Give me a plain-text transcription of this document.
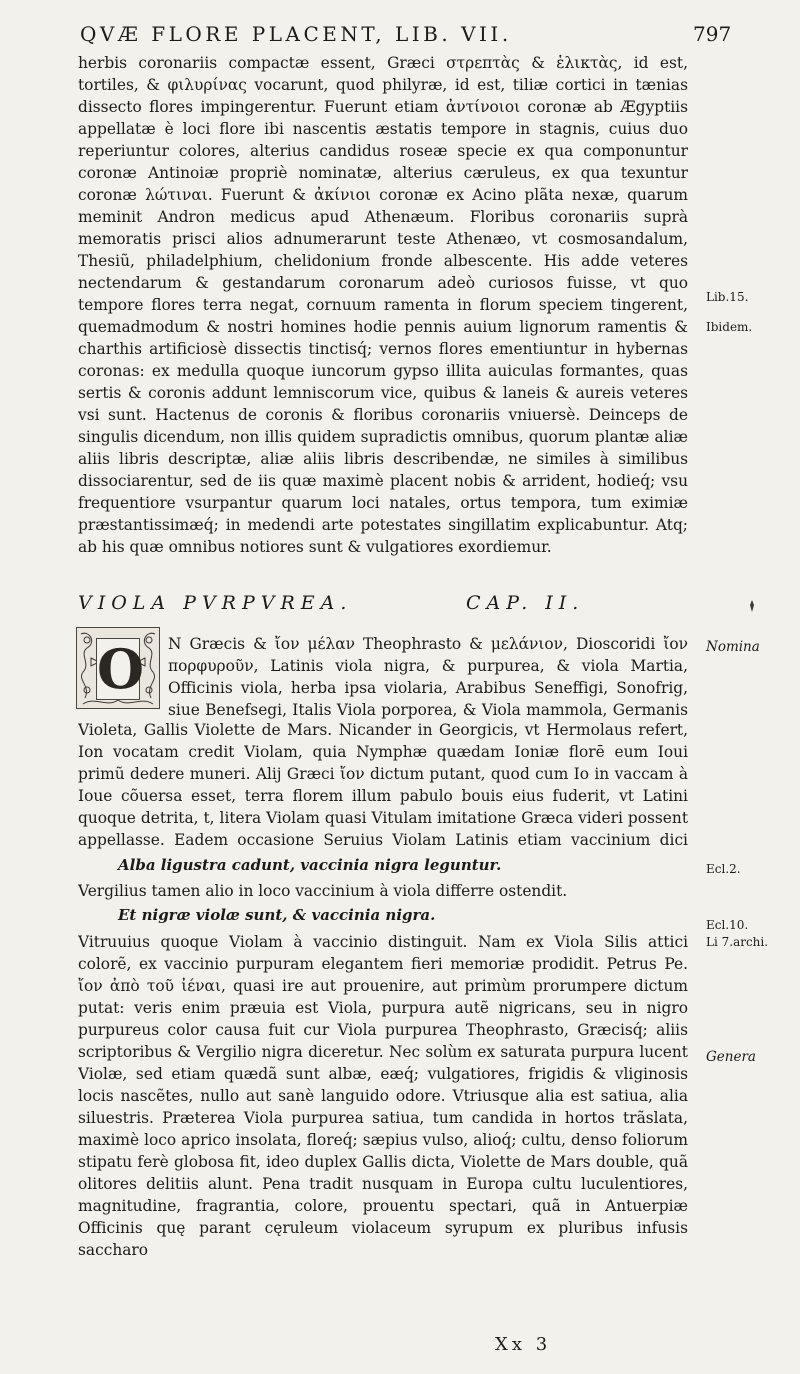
QVÆ FLORE PLACENT, LIB. VII.	797

herbis coronariis compactæ essent, Græci στρεπτὰς & ἑλικτὰς, id est, tortiles, & φιλυρίνας vocarunt, quod philyræ, id est, tiliæ cortici in tænias dissecto flores impingerentur. Fuerunt etiam ἀντίνοιοι coronæ ab Ægyptiis appellatæ è loci flore ibi nascentis æstatis tempore in stagnis, cuius duo reperiuntur colores, alterius candidus roseæ specie ex qua componuntur coronæ Antinoiæ propriè nominatæ, alterius cæruleus, ex qua texuntur coronæ λώτιναι. Fuerunt & ἀκίνιοι coronæ ex Acino plãta nexæ, quarum meminit Andron medicus apud Athenæum. Floribus coronariis suprà memoratis prisci alios adnumerarunt teste Athenæo, vt cosmosandalum, Thesiũ, philadelphium, chelidonium fronde albescente. His adde veteres nectendarum & gestandarum coronarum adeò curiosos fuisse, vt quo tempore flores terra negat, cornuum ramenta in florum speciem tingerent, quemadmodum & nostri homines hodie pennis auium lignorum ramentis & charthis artificiosè dissectis tinctisq́; vernos flores ementiuntur in hybernas coronas: ex medulla quoque iuncorum gypso illita auiculas formantes, quas sertis & coronis addunt lemniscorum vice, quibus & laneis & aureis veteres vsi sunt. Hactenus de coronis & floribus coronariis vniuersè. Deinceps de singulis dicendum, non illis quidem supradictis omnibus, quorum plantæ aliæ aliis libris descriptæ, aliæ aliis libris describendæ, ne similes à similibus dissociarentur, sed de iis quæ maximè placent nobis & arrident, hodieq́; vsu frequentiore vsurpantur quarum loci natales, ortus tempora, tum eximiæ præstantissimæq́; in medendi arte potestates singillatim explicabuntur. Atq; ab his quæ omnibus notiores sunt & vulgatiores exordiemur.

VIOLA PVRPVREA.	CAP. II.
O N Græcis & ἴον μέλαν Theophrasto & μελάνιον, Dioscoridi ἴον πορφυροῦν, Latinis viola nigra, & purpurea, & viola Martia, Officinis viola, herba ipsa violaria, Arabibus Seneffigi, Sonofrig, siue Benefsegi, Italis Viola porporea, & Viola mammola, Germanis

Violeta, Gallis Violette de Mars. Nicander in Georgicis, vt Hermolaus refert, Ion vocatam credit Violam, quia Nymphæ quædam Ioniæ florē eum Ioui primũ dedere muneri. Alij Græci ἴον dictum putant, quod cum Io in vaccam à Ioue cõuersa esset, terra florem illum pabulo bouis eius fuderit, vt Latini quoque detrita, t, litera Violam quasi Vitulam imitatione Græca videri possent appellasse. Eadem occasione Seruius Violam Latinis etiam vaccinium dici

Alba ligustra cadunt, vaccinia nigra leguntur.

Vergilius tamen alio in loco vaccinium à viola differre ostendit.

Et nigræ violæ sunt, & vaccinia nigra.

Vitruuius quoque Violam à vaccinio distinguit. Nam ex Viola Silis attici colorẽ, ex vaccinio purpuram elegantem fieri memoriæ prodidit. Petrus Pe. ἴον ἀπὸ τοῦ ἰέναι, quasi ire aut prouenire, aut primùm prorumpere dictum putat: veris enim præuia est Viola, purpura autẽ nigricans, seu in nigro purpureus color causa fuit cur Viola purpurea Theophrasto, Græcisq́; aliis scriptoribus & Vergilio nigra diceretur. Nec solùm ex saturata purpura lucent Violæ, sed etiam quædã sunt albæ, eæq́; vulgatiores, frigidis & vliginosis locis nascẽtes, nullo aut sanè languido odore. Vtriusque alia est satiua, alia siluestris. Præterea Viola purpurea satiua, tum candida in hortos trãslata, maximè loco aprico insolata, floreq́; sæpius vulso, alioq́; cultu, denso foliorum stipatu ferè globosa fit, ideo duplex Gallis dicta, Violette de Mars double, quã olitores delitiis alunt. Pena tradit nusquam in Europa cultu luculentiores, magnitudine, fragrantia, colore, prouentu spectari, quã in Antuerpiæ Officinis quę parant cęruleum violaceum syrupum ex pluribus infusis saccharo

Lib.15.
Ibidem.
Nomina
Ecl.2.
Ecl.10.
Li 7.archi.
Genera
Xx 3
